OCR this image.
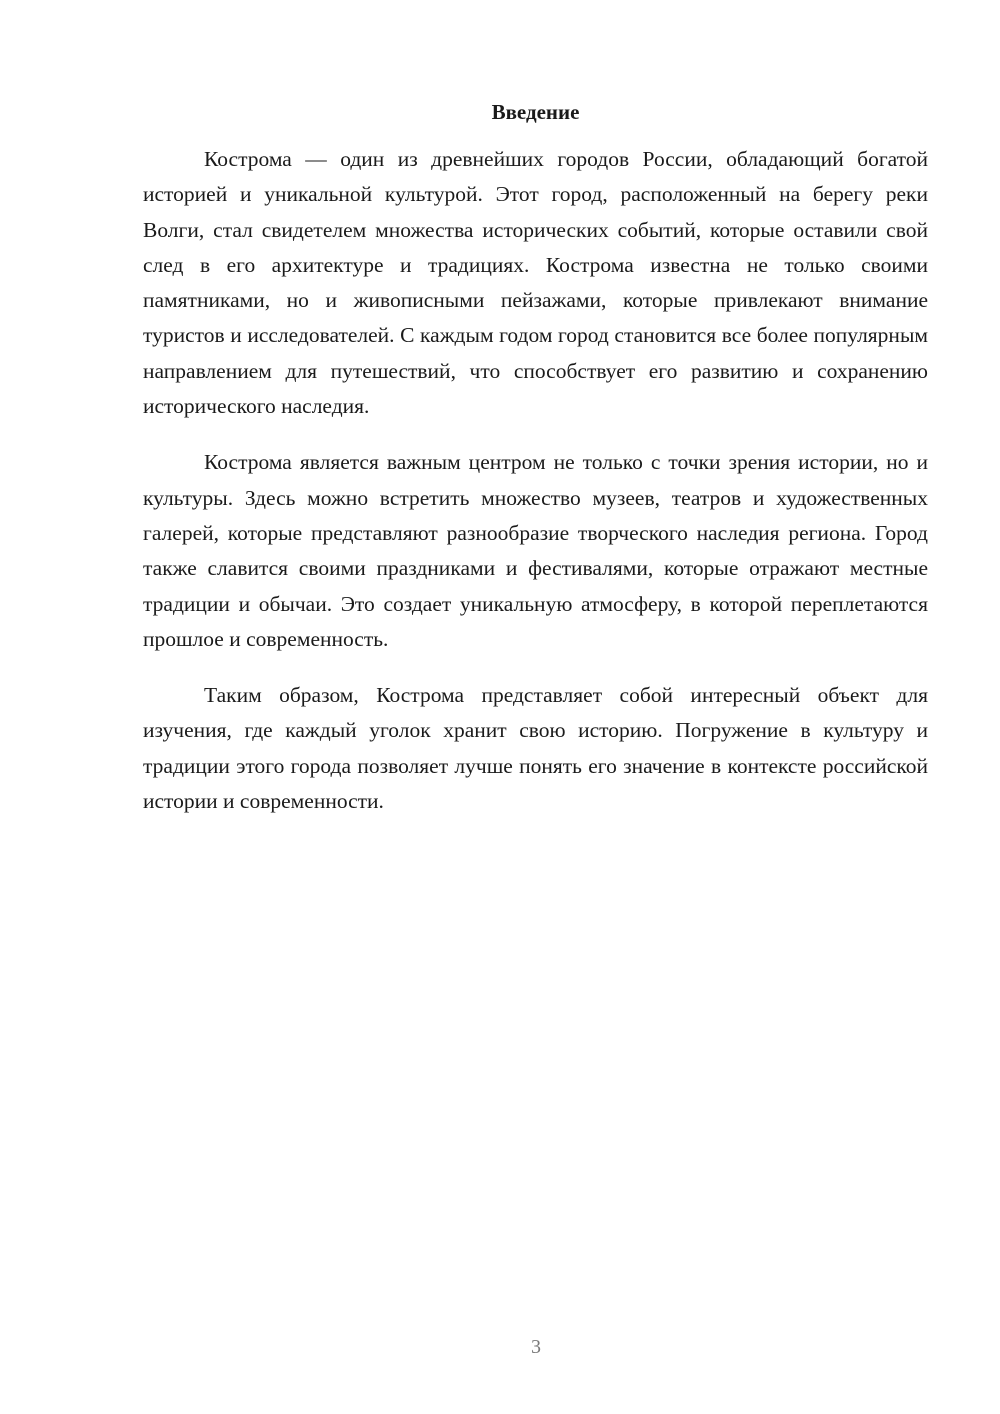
Введение

Кострома — один из древнейших городов России, обладающий богатой историей и уникальной культурой. Этот город, расположенный на берегу реки Волги, стал свидетелем множества исторических событий, которые оставили свой след в его архитектуре и традициях. Кострома известна не только своими памятниками, но и живописными пейзажами, которые привлекают внимание туристов и исследователей. С каждым годом город становится все более популярным направлением для путешествий, что способствует его развитию и сохранению исторического наследия.

Кострома является важным центром не только с точки зрения истории, но и культуры. Здесь можно встретить множество музеев, театров и художественных галерей, которые представляют разнообразие творческого наследия региона. Город также славится своими праздниками и фестивалями, которые отражают местные традиции и обычаи. Это создает уникальную атмосферу, в которой переплетаются прошлое и современность.

Таким образом, Кострома представляет собой интересный объект для изучения, где каждый уголок хранит свою историю. Погружение в культуру и традиции этого города позволяет лучше понять его значение в контексте российской истории и современности.

3
